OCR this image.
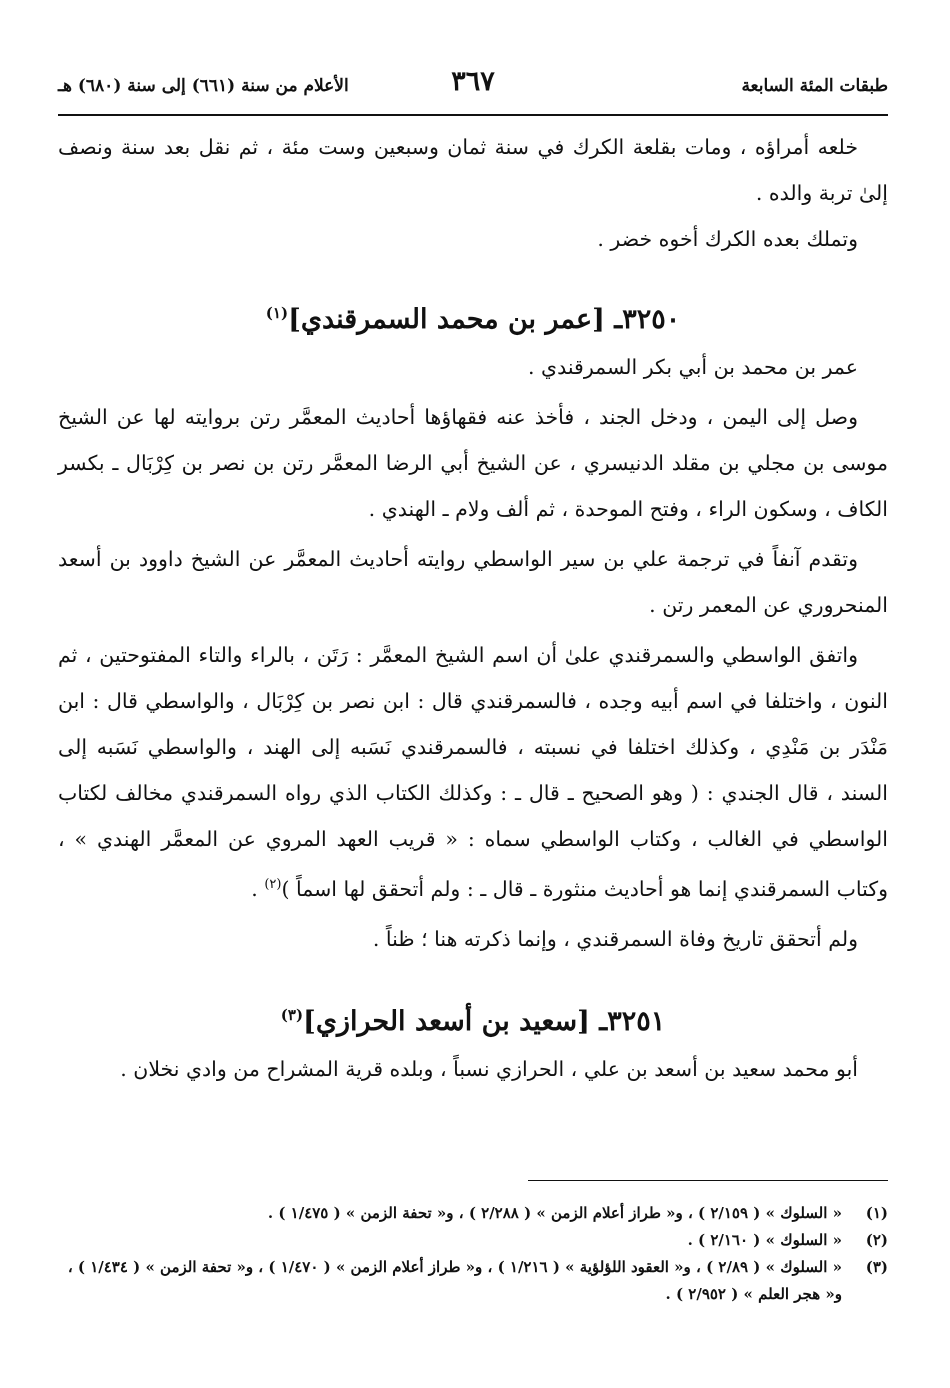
طبقات المئة السابعة
٣٦٧
الأعلام من سنة (٦٦١) إلى سنة (٦٨٠) هـ

خلعه أمراؤه ، ومات بقلعة الكرك في سنة ثمان وسبعين وست مئة ، ثم نقل بعد سنة ونصف إلىٰ تربة والده .

وتملك بعده الكرك أخوه خضر .

٣٢٥٠ـ [عمر بن محمد السمرقندي]$^{(١)}$

عمر بن محمد بن أبي بكر السمرقندي .

وصل إلى اليمن ، ودخل الجند ، فأخذ عنه فقهاؤها أحاديث المعمَّر رتن بروايته لها عن الشيخ موسى بن مجلي بن مقلد الدنيسري ، عن الشيخ أبي الرضا المعمَّر رتن بن نصر بن كِرْبَال ـ بكسر الكاف ، وسكون الراء ، وفتح الموحدة ، ثم ألف ولام ـ الهندي .

وتقدم آنفاً في ترجمة علي بن سير الواسطي روايته أحاديث المعمَّر عن الشيخ داوود بن أسعد المنحروري عن المعمر رتن .

واتفق الواسطي والسمرقندي علىٰ أن اسم الشيخ المعمَّر : رَتَن ، بالراء والتاء المفتوحتين ، ثم النون ، واختلفا في اسم أبيه وجده ، فالسمرقندي قال : ابن نصر بن كِرْبَال ، والواسطي قال : ابن مَنْدَر بن مَنْدِي ، وكذلك اختلفا في نسبته ، فالسمرقندي نَسَبه إلى الهند ، والواسطي نَسَبه إلى السند ، قال الجندي : ( وهو الصحيح ـ قال ـ : وكذلك الكتاب الذي رواه السمرقندي مخالف لكتاب الواسطي في الغالب ، وكتاب الواسطي سماه : « قريب العهد المروي عن المعمَّر الهندي » ، وكتاب السمرقندي إنما هو أحاديث منثورة ـ قال ـ : ولم أتحقق لها اسماً )$^{(٢)}$ .

ولم أتحقق تاريخ وفاة السمرقندي ، وإنما ذكرته هنا ؛ ظناً .

٣٢٥١ـ [سعيد بن أسعد الحرازي]$^{(٣)}$

أبو محمد سعيد بن أسعد بن علي ، الحرازي نسباً ، وبلده قرية المشراح من وادي نخلان .

(١)
« السلوك » ( ٢/١٥٩ ) ، و« طراز أعلام الزمن » ( ٢/٢٨٨ ) ، و« تحفة الزمن » ( ١/٤٧٥ ) .
(٢)
« السلوك » ( ٢/١٦٠ ) .
(٣)
« السلوك » ( ٢/٨٩ ) ، و« العقود اللؤلؤية » ( ١/٢١٦ ) ، و« طراز أعلام الزمن » ( ١/٤٧٠ ) ، و« تحفة الزمن » ( ١/٤٣٤ ) ، و« هجر العلم » ( ٢/٩٥٢ ) .
